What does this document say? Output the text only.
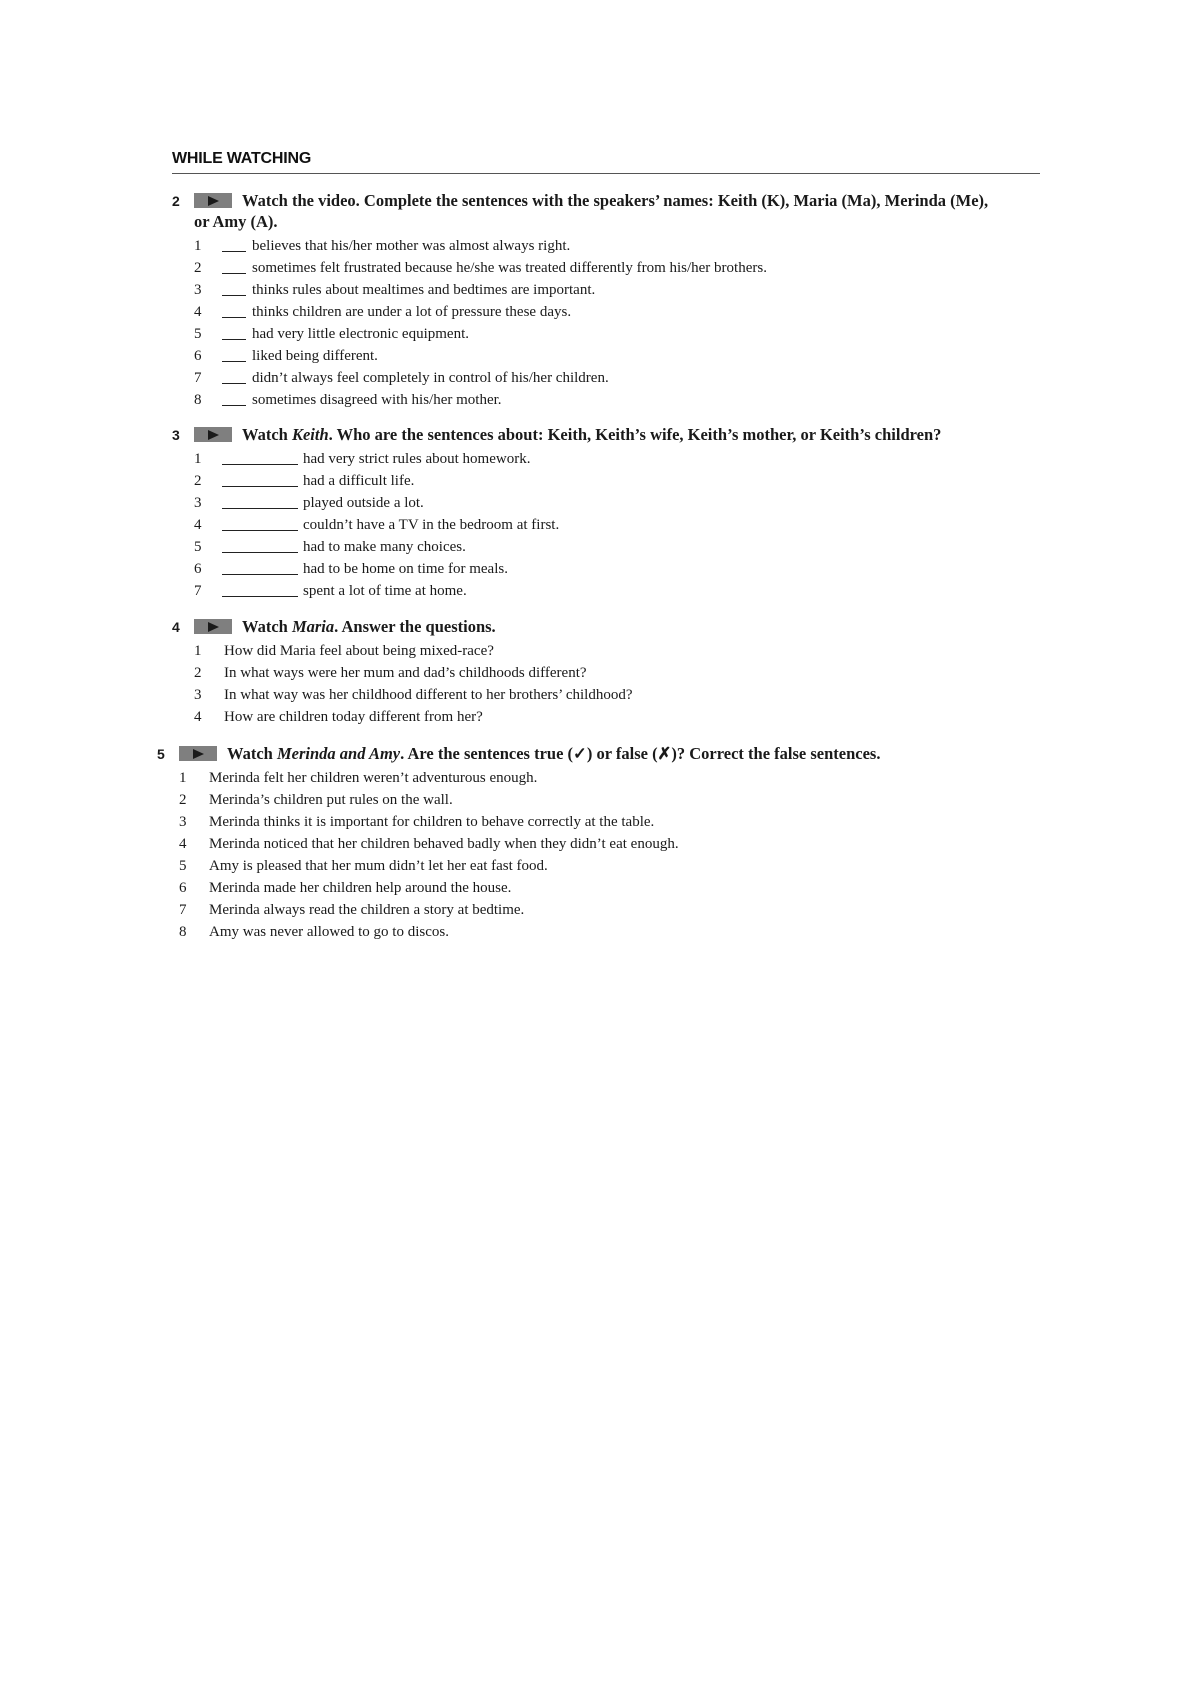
WHILE WATCHING
2	Watch the video. Complete the sentences with the speakers’ names: Keith (K), Maria (Ma), Merinda (Me),
or Amy (A).
1	believes that his/her mother was almost always right.
2	sometimes felt frustrated because he/she was treated differently from his/her brothers.
3	thinks rules about mealtimes and bedtimes are important.
4	thinks children are under a lot of pressure these days.
5	had very little electronic equipment.
6	liked being different.
7	didn’t always feel completely in control of his/her children.
8	sometimes disagreed with his/her mother.
3	Watch Keith. Who are the sentences about: Keith, Keith’s wife, Keith’s mother, or Keith’s children?
1	had very strict rules about homework.
2	had a difficult life.
3	played outside a lot.
4	couldn’t have a TV in the bedroom at first.
5	had to make many choices.
6	had to be home on time for meals.
7	spent a lot of time at home.
4	Watch Maria. Answer the questions.
1	How did Maria feel about being mixed-race?
2	In what ways were her mum and dad’s childhoods different?
3	In what way was her childhood different to her brothers’ childhood?
4	How are children today different from her?
5	Watch Merinda and Amy. Are the sentences true (✓) or false (✗)? Correct the false sentences.
1	Merinda felt her children weren’t adventurous enough.
2	Merinda’s children put rules on the wall.
3	Merinda thinks it is important for children to behave correctly at the table.
4	Merinda noticed that her children behaved badly when they didn’t eat enough.
5	Amy is pleased that her mum didn’t let her eat fast food.
6	Merinda made her children help around the house.
7	Merinda always read the children a story at bedtime.
8	Amy was never allowed to go to discos.
